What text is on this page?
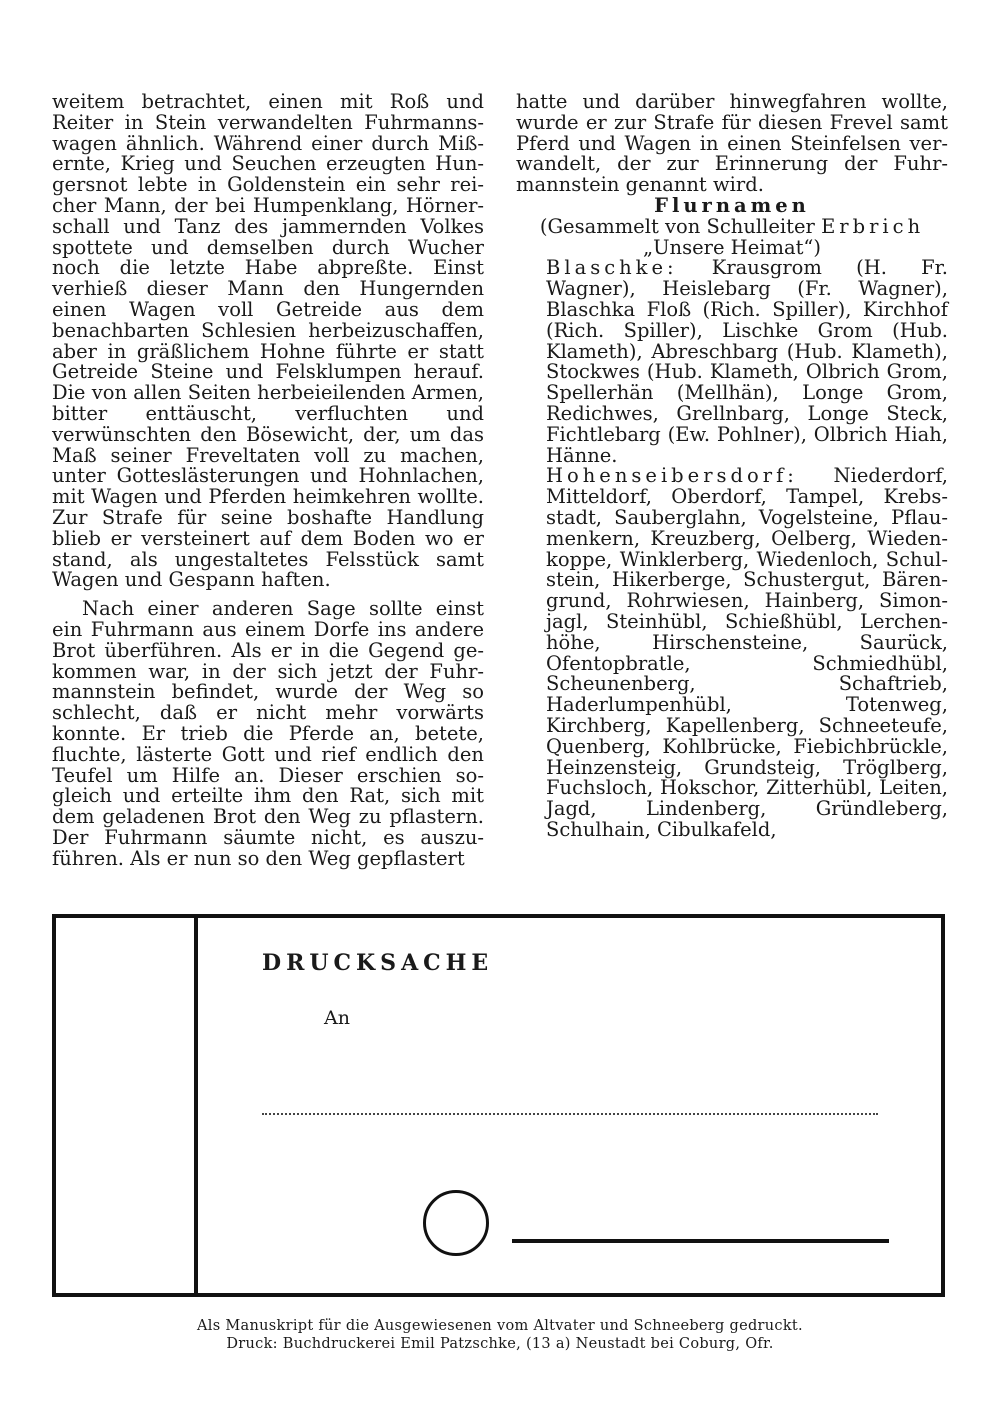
weitem betrachtet, einen mit Roß und Reiter in Stein verwandelten Fuhrmannswagen ähnlich. Während einer durch Mißernte, Krieg und Seuchen erzeugten Hungersnot lebte in Goldenstein ein sehr reicher Mann, der bei Humpenklang, Hörnerschall und Tanz des jammernden Volkes spottete und demselben durch Wucher noch die letzte Habe abpreßte. Einst verhieß dieser Mann den Hungernden einen Wagen voll Getreide aus dem benachbarten Schlesien herbeizuschaffen, aber in gräßlichem Hohne führte er statt Getreide Steine und Felsklumpen herauf. Die von allen Seiten herbeieilenden Armen, bitter enttäuscht, verfluchten und verwünschten den Bösewicht, der, um das Maß seiner Freveltaten voll zu machen, unter Gotteslästerungen und Hohnlachen, mit Wagen und Pferden heimkehren wollte. Zur Strafe für seine boshafte Handlung blieb er versteinert auf dem Boden wo er stand, als ungestaltetes Felsstück samt Wagen und Gespann haften.

Nach einer anderen Sage sollte einst ein Fuhrmann aus einem Dorfe ins andere Brot überführen. Als er in die Gegend gekommen war, in der sich jetzt der Fuhrmannstein befindet, wurde der Weg so schlecht, daß er nicht mehr vorwärts konnte. Er trieb die Pferde an, betete, fluchte, lästerte Gott und rief endlich den Teufel um Hilfe an. Dieser erschien sogleich und erteilte ihm den Rat, sich mit dem geladenen Brot den Weg zu pflastern. Der Fuhrmann säumte nicht, es auszuführen. Als er nun so den Weg gepflastert

hatte und darüber hinwegfahren wollte, wurde er zur Strafe für diesen Frevel samt Pferd und Wagen in einen Steinfelsen verwandelt, der zur Erinnerung der Fuhrmannstein genannt wird.

Flurnamen

(Gesammelt von Schulleiter Erbrich

„Unsere Heimat“)

Blaschke: Krausgrom (H. Fr. Wagner), Heislebarg (Fr. Wagner), Blaschka Floß (Rich. Spiller), Kirchhof (Rich. Spiller), Lischke Grom (Hub. Klameth), Abreschbarg (Hub. Klameth), Stockwes (Hub. Klameth, Olbrich Grom, Spellerhän (Mellhän), Longe Grom, Redichwes, Grellnbarg, Longe Steck, Fichtlebarg (Ew. Pohlner), Olbrich Hiah, Hänne.

Hohenseibersdorf: Niederdorf, Mitteldorf, Oberdorf, Tampel, Krebsstadt, Sauberglahn, Vogelsteine, Pflaumenkern, Kreuzberg, Oelberg, Wiedenkoppe, Winklerberg, Wiedenloch, Schulstein, Hikerberge, Schustergut, Bärengrund, Rohrwiesen, Hainberg, Simonjagl, Steinhübl, Schießhübl, Lerchenhöhe, Hirschensteine, Saurück, Ofentopbratle, Schmiedhübl, Scheunenberg, Schaftrieb, Haderlumpenhübl, Totenweg, Kirchberg, Kapellenberg, Schneeteufe, Quenberg, Kohlbrücke, Fiebichbrückle, Heinzensteig, Grundsteig, Tröglberg, Fuchsloch, Hokschor, Zitterhübl, Leiten, Jagd, Lindenberg, Gründleberg, Schulhain, Cibulkafeld,

DRUCKSACHE
An
Als Manuskript für die Ausgewiesenen vom Altvater und Schneeberg gedruckt.
Druck: Buchdruckerei Emil Patzschke, (13 a) Neustadt bei Coburg, Ofr.
